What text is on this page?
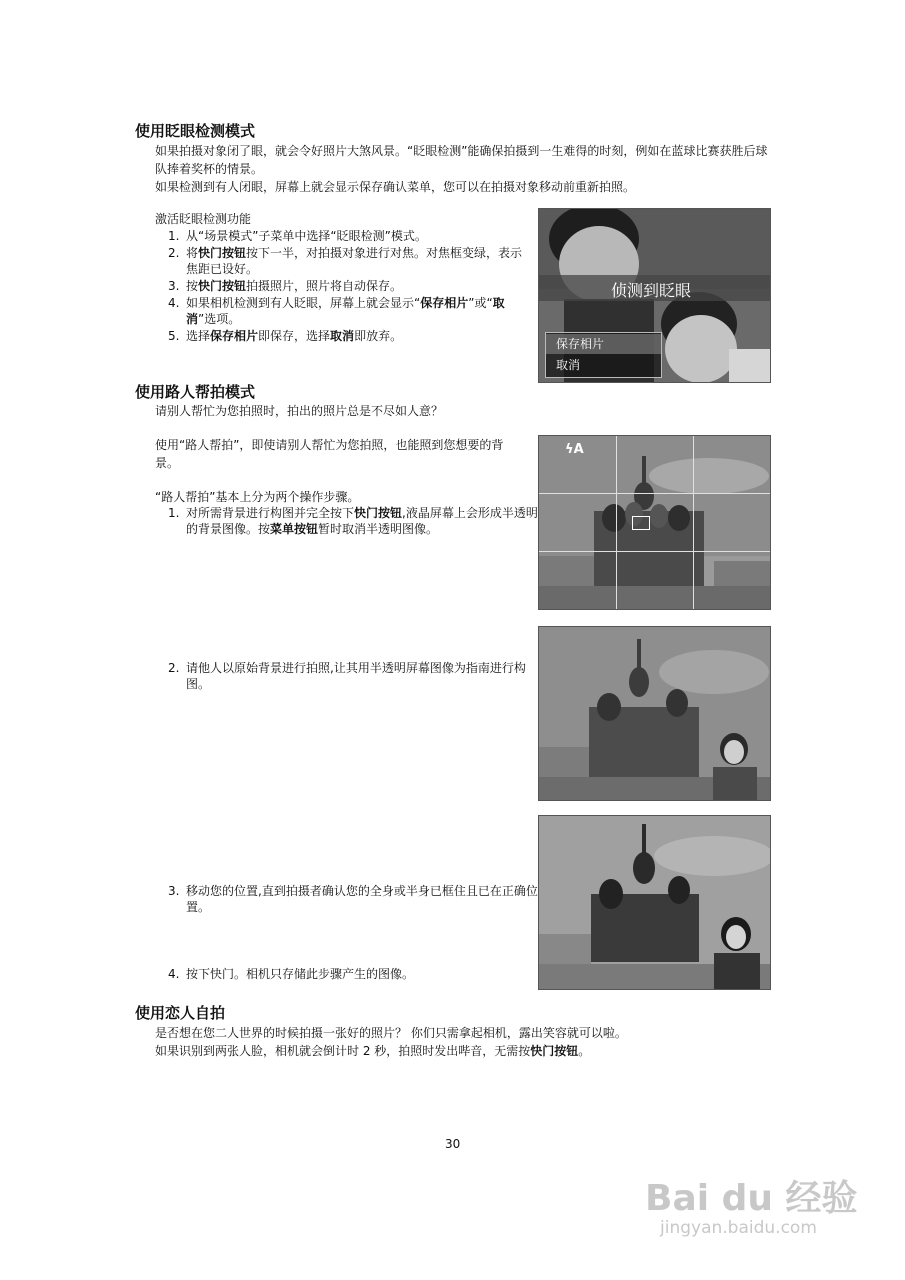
使用眨眼检测模式

如果拍摄对象闭了眼，就会令好照片大煞风景。“眨眼检测”能确保拍摄到一生难得的时刻，例如在蓝球比赛获胜后球队捧着奖杯的情景。

如果检测到有人闭眼，屏幕上就会显示保存确认菜单，您可以在拍摄对象移动前重新拍照。

激活眨眼检测功能

1. 从“场景模式”子菜单中选择“眨眼检测”模式。
2. 将快门按钮按下一半，对拍摄对象进行对焦。对焦框变绿，表示焦距已设好。
3. 按快门按钮拍摄照片，照片将自动保存。
4. 如果相机检测到有人眨眼，屏幕上就会显示“保存相片”或“取消”选项。
5. 选择保存相片即保存，选择取消即放弃。
侦测到眨眼
保存相片
取消
使用路人帮拍模式

请别人帮忙为您拍照时，拍出的照片总是不尽如人意？

使用“路人帮拍”，即使请别人帮忙为您拍照，也能照到您想要的背景。

“路人帮拍”基本上分为两个操作步骤。

1. 对所需背景进行构图并完全按下快门按钮,液晶屏幕上会形成半透明的背景图像。按菜单按钮暂时取消半透明图像。
ϟA
2. 请他人以原始背景进行拍照,让其用半透明屏幕图像为指南进行构图。
3. 移动您的位置,直到拍摄者确认您的全身或半身已框住且已在正确位置。
4. 按下快门。相机只存储此步骤产生的图像。
使用恋人自拍

是否想在您二人世界的时候拍摄一张好的照片？ 你们只需拿起相机，露出笑容就可以啦。

如果识别到两张人脸，相机就会倒计时 2 秒，拍照时发出哔音，无需按快门按钮。

30
Bai du 经验
jingyan.baidu.com
